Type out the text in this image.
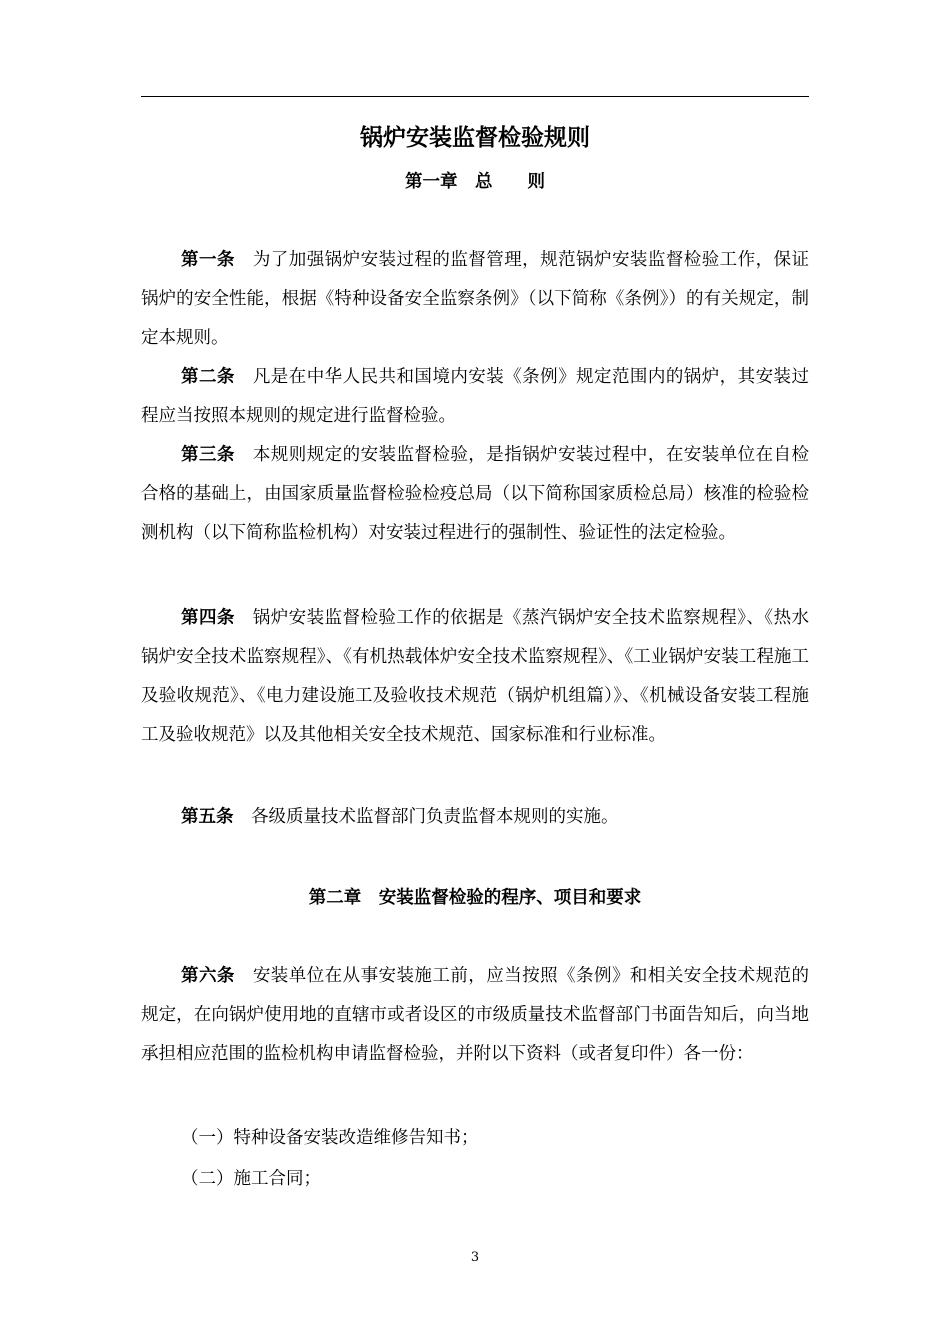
锅炉安装监督检验规则
第一章　总　　则

第一条　为了加强锅炉安装过程的监督管理，规范锅炉安装监督检验工作，保证锅炉的安全性能，根据《特种设备安全监察条例》（以下简称《条例》）的有关规定，制定本规则。

第二条　凡是在中华人民共和国境内安装《条例》规定范围内的锅炉，其安装过程应当按照本规则的规定进行监督检验。

第三条　本规则规定的安装监督检验，是指锅炉安装过程中，在安装单位在自检合格的基础上，由国家质量监督检验检疫总局（以下简称国家质检总局）核准的检验检测机构（以下简称监检机构）对安装过程进行的强制性、验证性的法定检验。

第四条　锅炉安装监督检验工作的依据是《蒸汽锅炉安全技术监察规程》、《热水锅炉安全技术监察规程》、《有机热载体炉安全技术监察规程》、《工业锅炉安装工程施工及验收规范》、《电力建设施工及验收技术规范（锅炉机组篇）》、《机械设备安装工程施工及验收规范》以及其他相关安全技术规范、国家标准和行业标准。

第五条　各级质量技术监督部门负责监督本规则的实施。

第二章　安装监督检验的程序、项目和要求

第六条　安装单位在从事安装施工前，应当按照《条例》和相关安全技术规范的规定，在向锅炉使用地的直辖市或者设区的市级质量技术监督部门书面告知后，向当地承担相应范围的监检机构申请监督检验，并附以下资料（或者复印件）各一份：

（一）特种设备安装改造维修告知书；

（二）施工合同；

3
